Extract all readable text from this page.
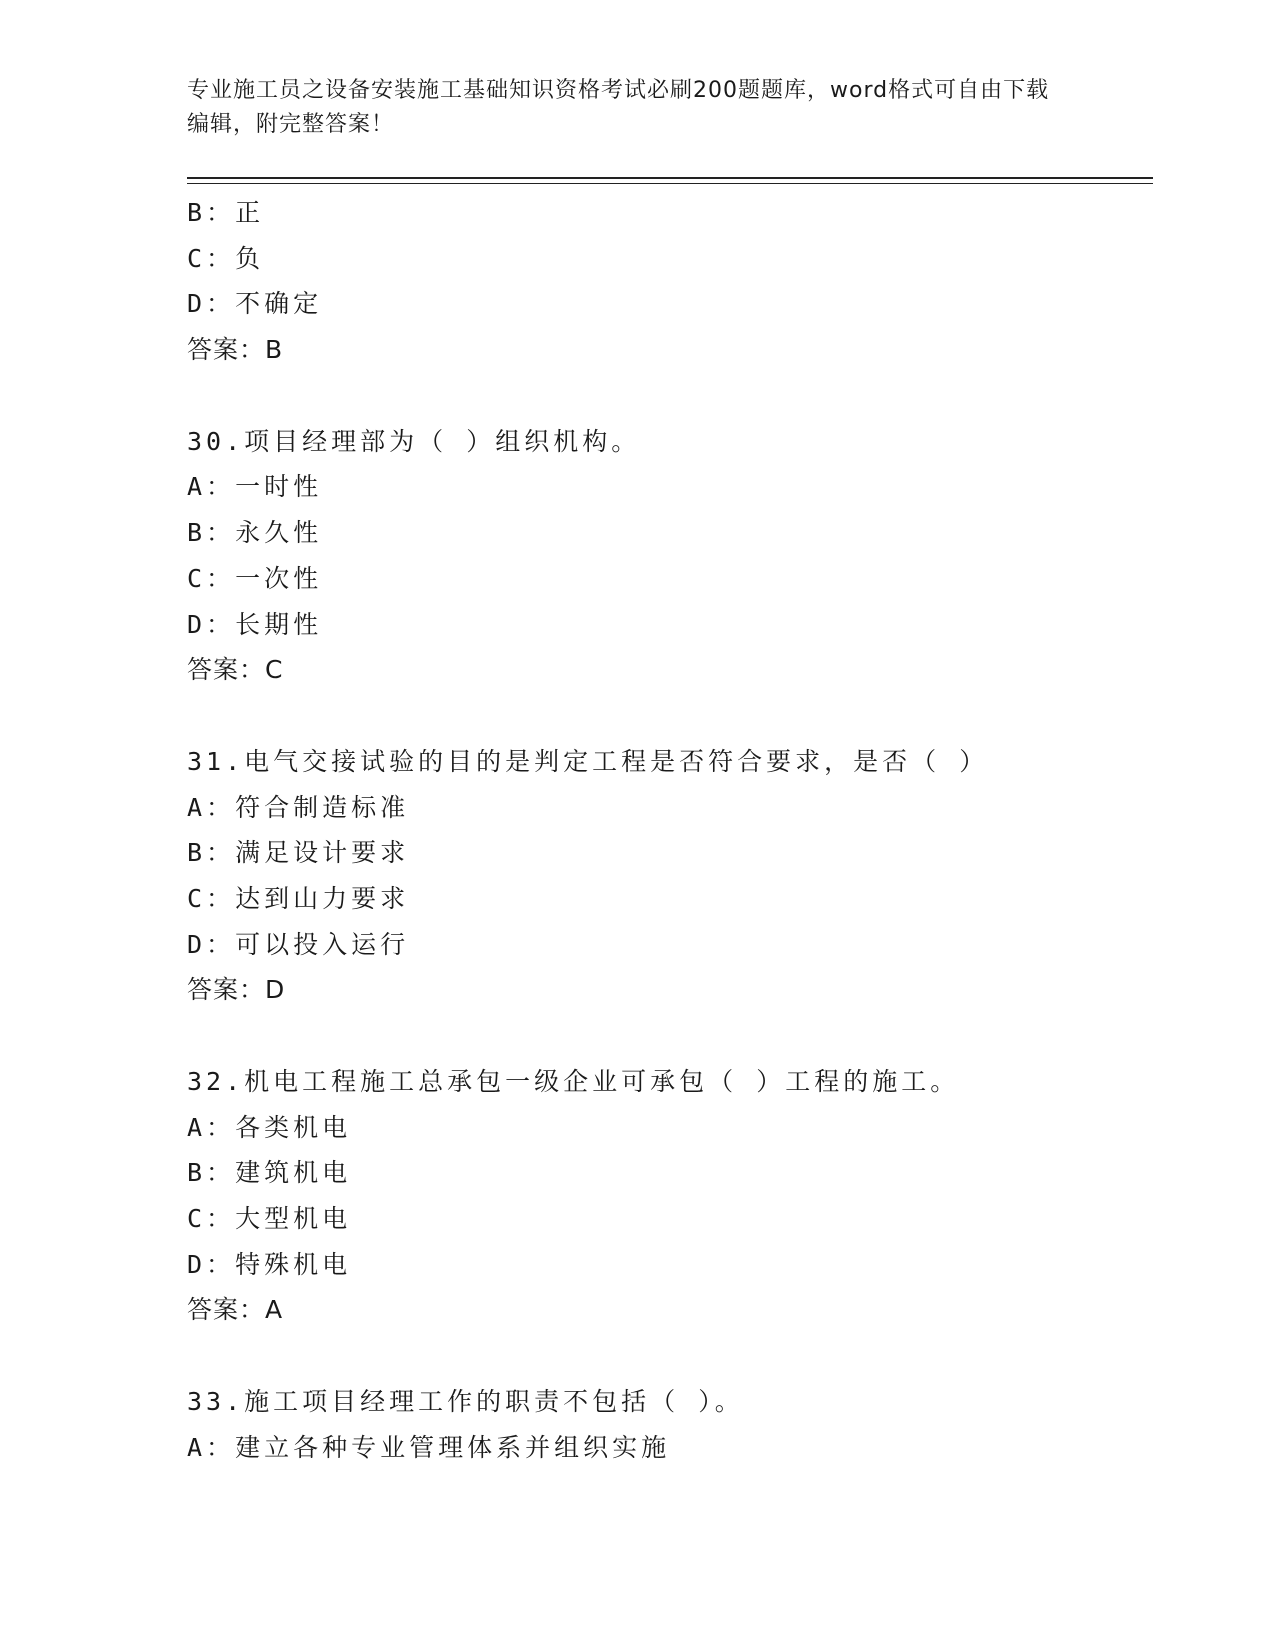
专业施工员之设备安装施工基础知识资格考试必刷200题题库，word格式可自由下载编辑，附完整答案！
B：正
C：负
D：不确定
答案：B
30.项目经理部为（ ）组织机构。
A：一时性
B：永久性
C：一次性
D：长期性
答案：C
31.电气交接试验的目的是判定工程是否符合要求，是否（ ）
A：符合制造标准
B：满足设计要求
C：达到山力要求
D：可以投入运行
答案：D
32.机电工程施工总承包一级企业可承包（ ）工程的施工。
A：各类机电
B：建筑机电
C：大型机电
D：特殊机电
答案：A
33.施工项目经理工作的职责不包括（ ）。
A：建立各种专业管理体系并组织实施
